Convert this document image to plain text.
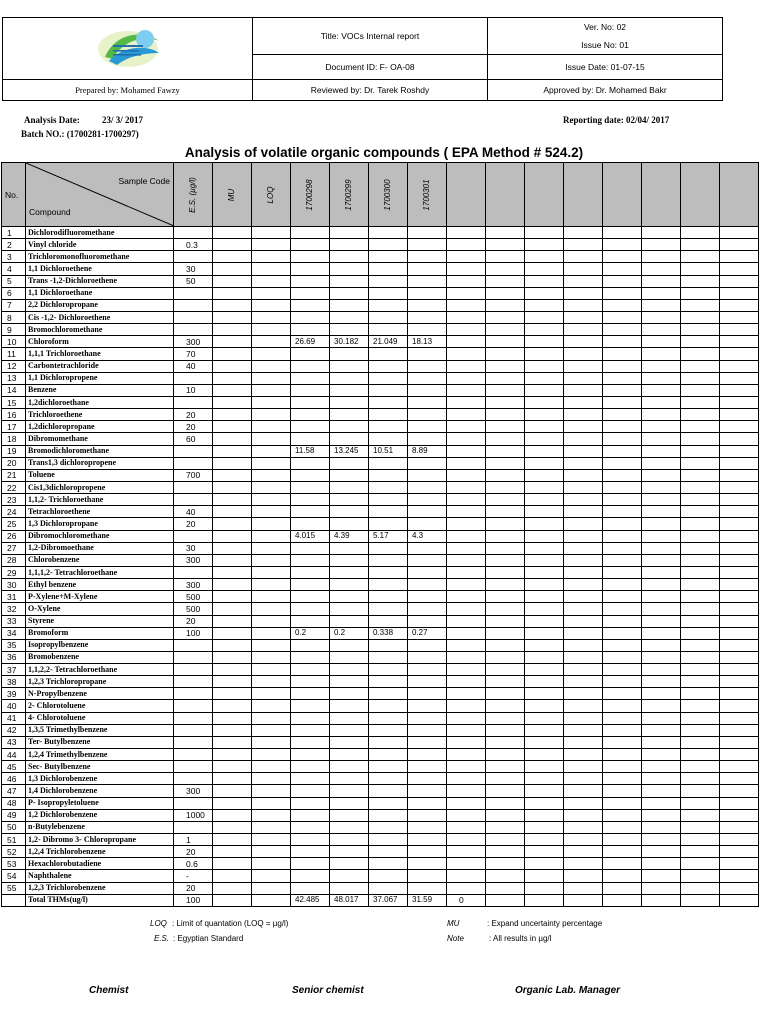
	Title: VOCs Internal report	Ver. No: 02
Issue No: 01

	Document ID: F- OA-08	Issue Date: 01-07-15
Prepared by: Mohamed Fawzy	Reviewed by: Dr. Tarek Roshdy	Approved by: Dr. Mohamed Bakr
Analysis Date: 23/ 3/ 2017	Reporting date: 02/04/ 2017
Batch NO.: (1700281-1700297)
Analysis of volatile organic compounds ( EPA Method # 524.2)
No.	Sample Code
Compound	E.S. (µg/l)	MU	LOQ	1700298	1700299	1700300	1700301								

1	Dichlorodifluoromethane															
2	Vinyl chloride	0.3														
3	Trichloromonofluoromethane															
4	1,1 Dichloroethene	30														
5	Trans -1,2-Dichloroethene	50														
6	1,1 Dichloroethane															
7	2,2 Dichloropropane															
8	Cis -1,2- Dichloroethene															
9	Bromochloromethane															
10	Chloroform	300			26.69	30.182	21.049	18.13								
11	1,1,1 Trichloroethane	70														
12	Carbontetrachloride	40														
13	1,1 Dichloropropene															
14	Benzene	10														
15	1,2dichloroethane															
16	Trichloroethene	20														
17	1,2dichloropropane	20														
18	Dibromomethane	60														
19	Bromodichloromethane				11.58	13.245	10.51	8.89								
20	Trans1,3 dichloropropene															
21	Toluene	700														
22	Cis1,3dichloropropene															
23	1,1,2- Trichloroethane															
24	Tetrachloroethene	40														
25	1,3 Dichloropropane	20														
26	Dibromochloromethane				4.015	4.39	5.17	4.3								
27	1,2-Dibromoethane	30														
28	Chlorobenzene	300														
29	1,1,1,2- Tetrachloroethane															
30	Ethyl benzene	300														
31	P-Xylene+M-Xylene	500														
32	O-Xylene	500														
33	Styrene	20														
34	Bromoform	100			0.2	0.2	0.338	0.27								
35	Isopropylbenzene															
36	Bromobenzene															
37	1,1,2,2- Tetrachloroethane															
38	1,2,3 Trichloropropane															
39	N-Propylbenzene															
40	2- Chlorotoluene															
41	4- Chlorotoluene															
42	1,3,5 Trimethylbenzene															
43	Ter- Butylbenzene															
44	1,2,4 Trimethylbenzene															
45	Sec- Butylbenzene															
46	1,3 Dichlorobenzene															
47	1,4 Dichlorobenzene	300														
48	P- Isopropyletoluene															
49	1,2 Dichlorobenzene	1000														
50	n-Butylebenzene															
51	1,2- Dibromo 3- Chloropropane	1														
52	1,2,4 Trichlorobenzene	20														
53	Hexachlorobutadiene	0.6														
54	Naphthalene	-														
55	1,2,3 Trichlorobenzene	20														
	Total THMs(ug/l)	100			42.485	48.017	37.067	31.59	0							
LOQ : Limit of quantation (LOQ = µg/l)
E.S. : Egyptian Standard
MU	: Expand uncertainty percentage
Note	: All results in µg/l
Chemist	Senior chemist	Organic Lab. Manager
